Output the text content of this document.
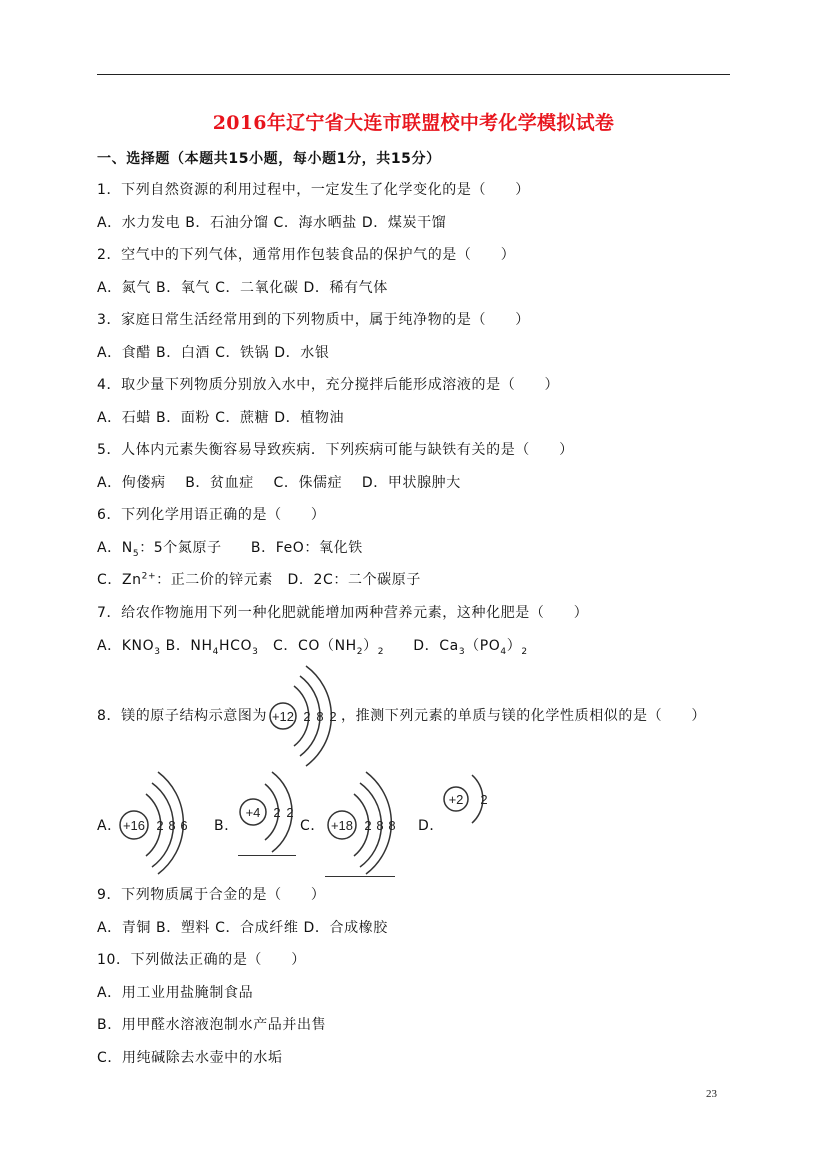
2016年辽宁省大连市联盟校中考化学模拟试卷
一、选择题（本题共15小题，每小题1分，共15分）
1．下列自然资源的利用过程中，一定发生了化学变化的是（　　）
A．水力发电 B．石油分馏 C．海水晒盐 D．煤炭干馏
2．空气中的下列气体，通常用作包装食品的保护气的是（　　）
A．氮气 B．氧气 C．二氧化碳 D．稀有气体
3．家庭日常生活经常用到的下列物质中，属于纯净物的是（　　）
A．食醋 B．白酒 C．铁锅 D．水银
4．取少量下列物质分别放入水中，充分搅拌后能形成溶液的是（　　）
A．石蜡 B．面粉 C．蔗糖 D．植物油
5．人体内元素失衡容易导致疾病．下列疾病可能与缺铁有关的是（　　）
A．佝偻病　 B．贫血症　 C．侏儒症　 D．甲状腺肿大
6．下列化学用语正确的是（　　）
A．$N_5$：5个氮原子　　B．FeO：氧化铁
C．$Zn^{2+}$：正二价的锌元素　D．2C：二个碳原子
7．给农作物施用下列一种化肥就能增加两种营养元素，这种化肥是（　　）
A．$KNO_3$ B．$NH_4HCO_3$　C．$CO(NH_2)_2$　　D．$Ca_3(PO_4)_2$
8．镁的原子结构示意图为 +12 2 8 2 ，推测下列元素的单质与镁的化学性质相似的是（　　）
A． +16 2 8 6 B．
+4 2 2
C． +18 2 8 8 D．
+2 2
9．下列物质属于合金的是（　　）
A．青铜 B．塑料 C．合成纤维 D．合成橡胶
10．下列做法正确的是（　　）
A．用工业用盐腌制食品
B．用甲醛水溶液泡制水产品并出售
C．用纯碱除去水壶中的水垢
23
